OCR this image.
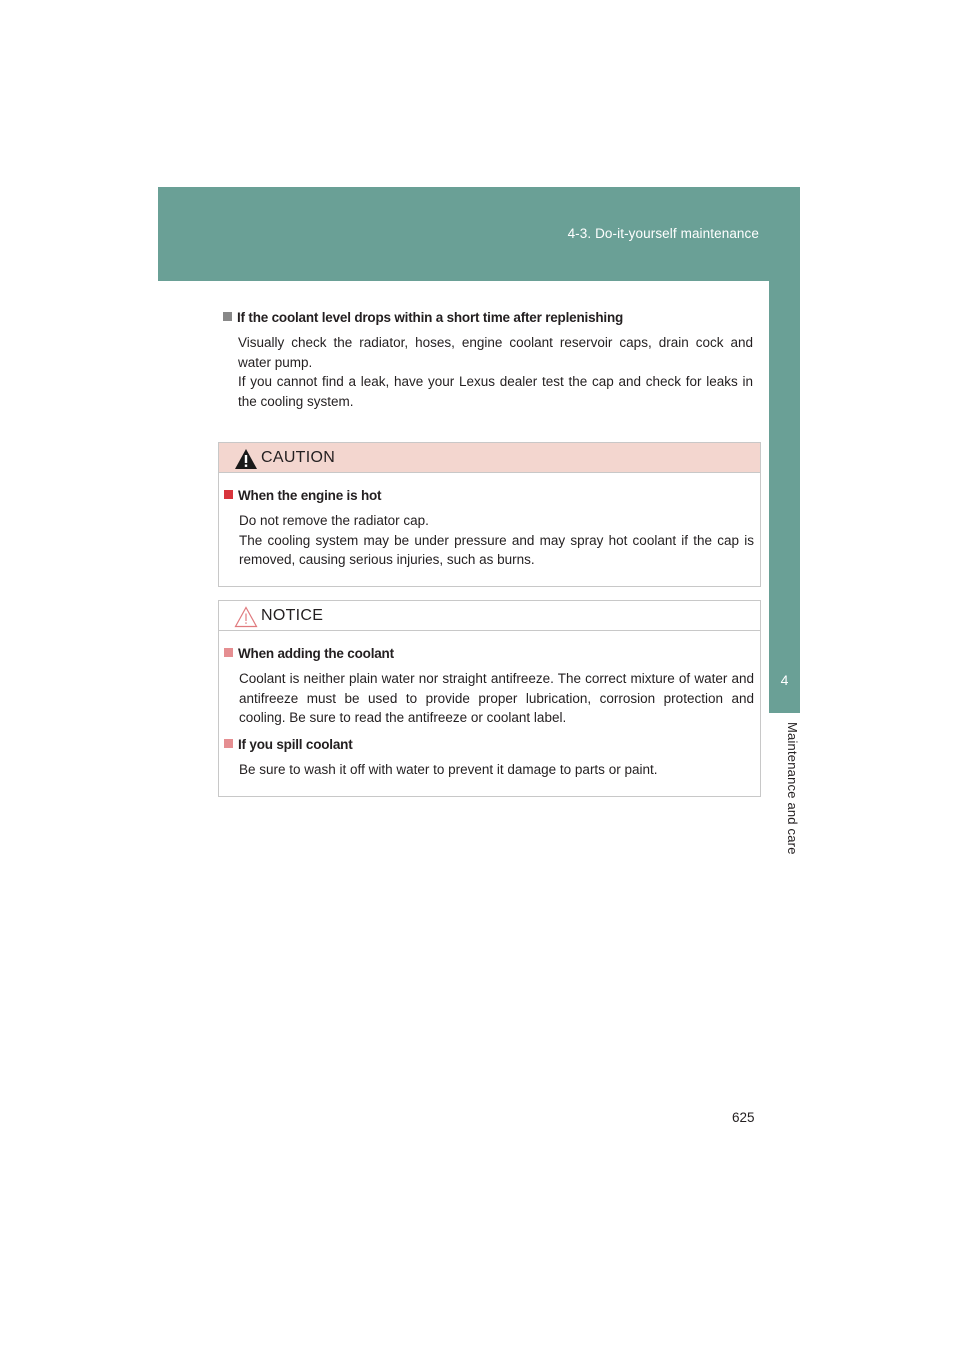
4-3. Do-it-yourself maintenance
4
Maintenance and care

If the coolant level drops within a short time after replenishing

Visually check the radiator, hoses, engine coolant reservoir caps, drain cock and water pump.

If you cannot find a leak, have your Lexus dealer test the cap and check for leaks in the cooling system.

CAUTION

When the engine is hot

Do not remove the radiator cap.

The cooling system may be under pressure and may spray hot coolant if the cap is removed, causing serious injuries, such as burns.

NOTICE

When adding the coolant

Coolant is neither plain water nor straight antifreeze. The correct mixture of water and antifreeze must be used to provide proper lubrication, corrosion protection and cooling. Be sure to read the antifreeze or coolant label.

If you spill coolant

Be sure to wash it off with water to prevent it damage to parts or paint.

625
